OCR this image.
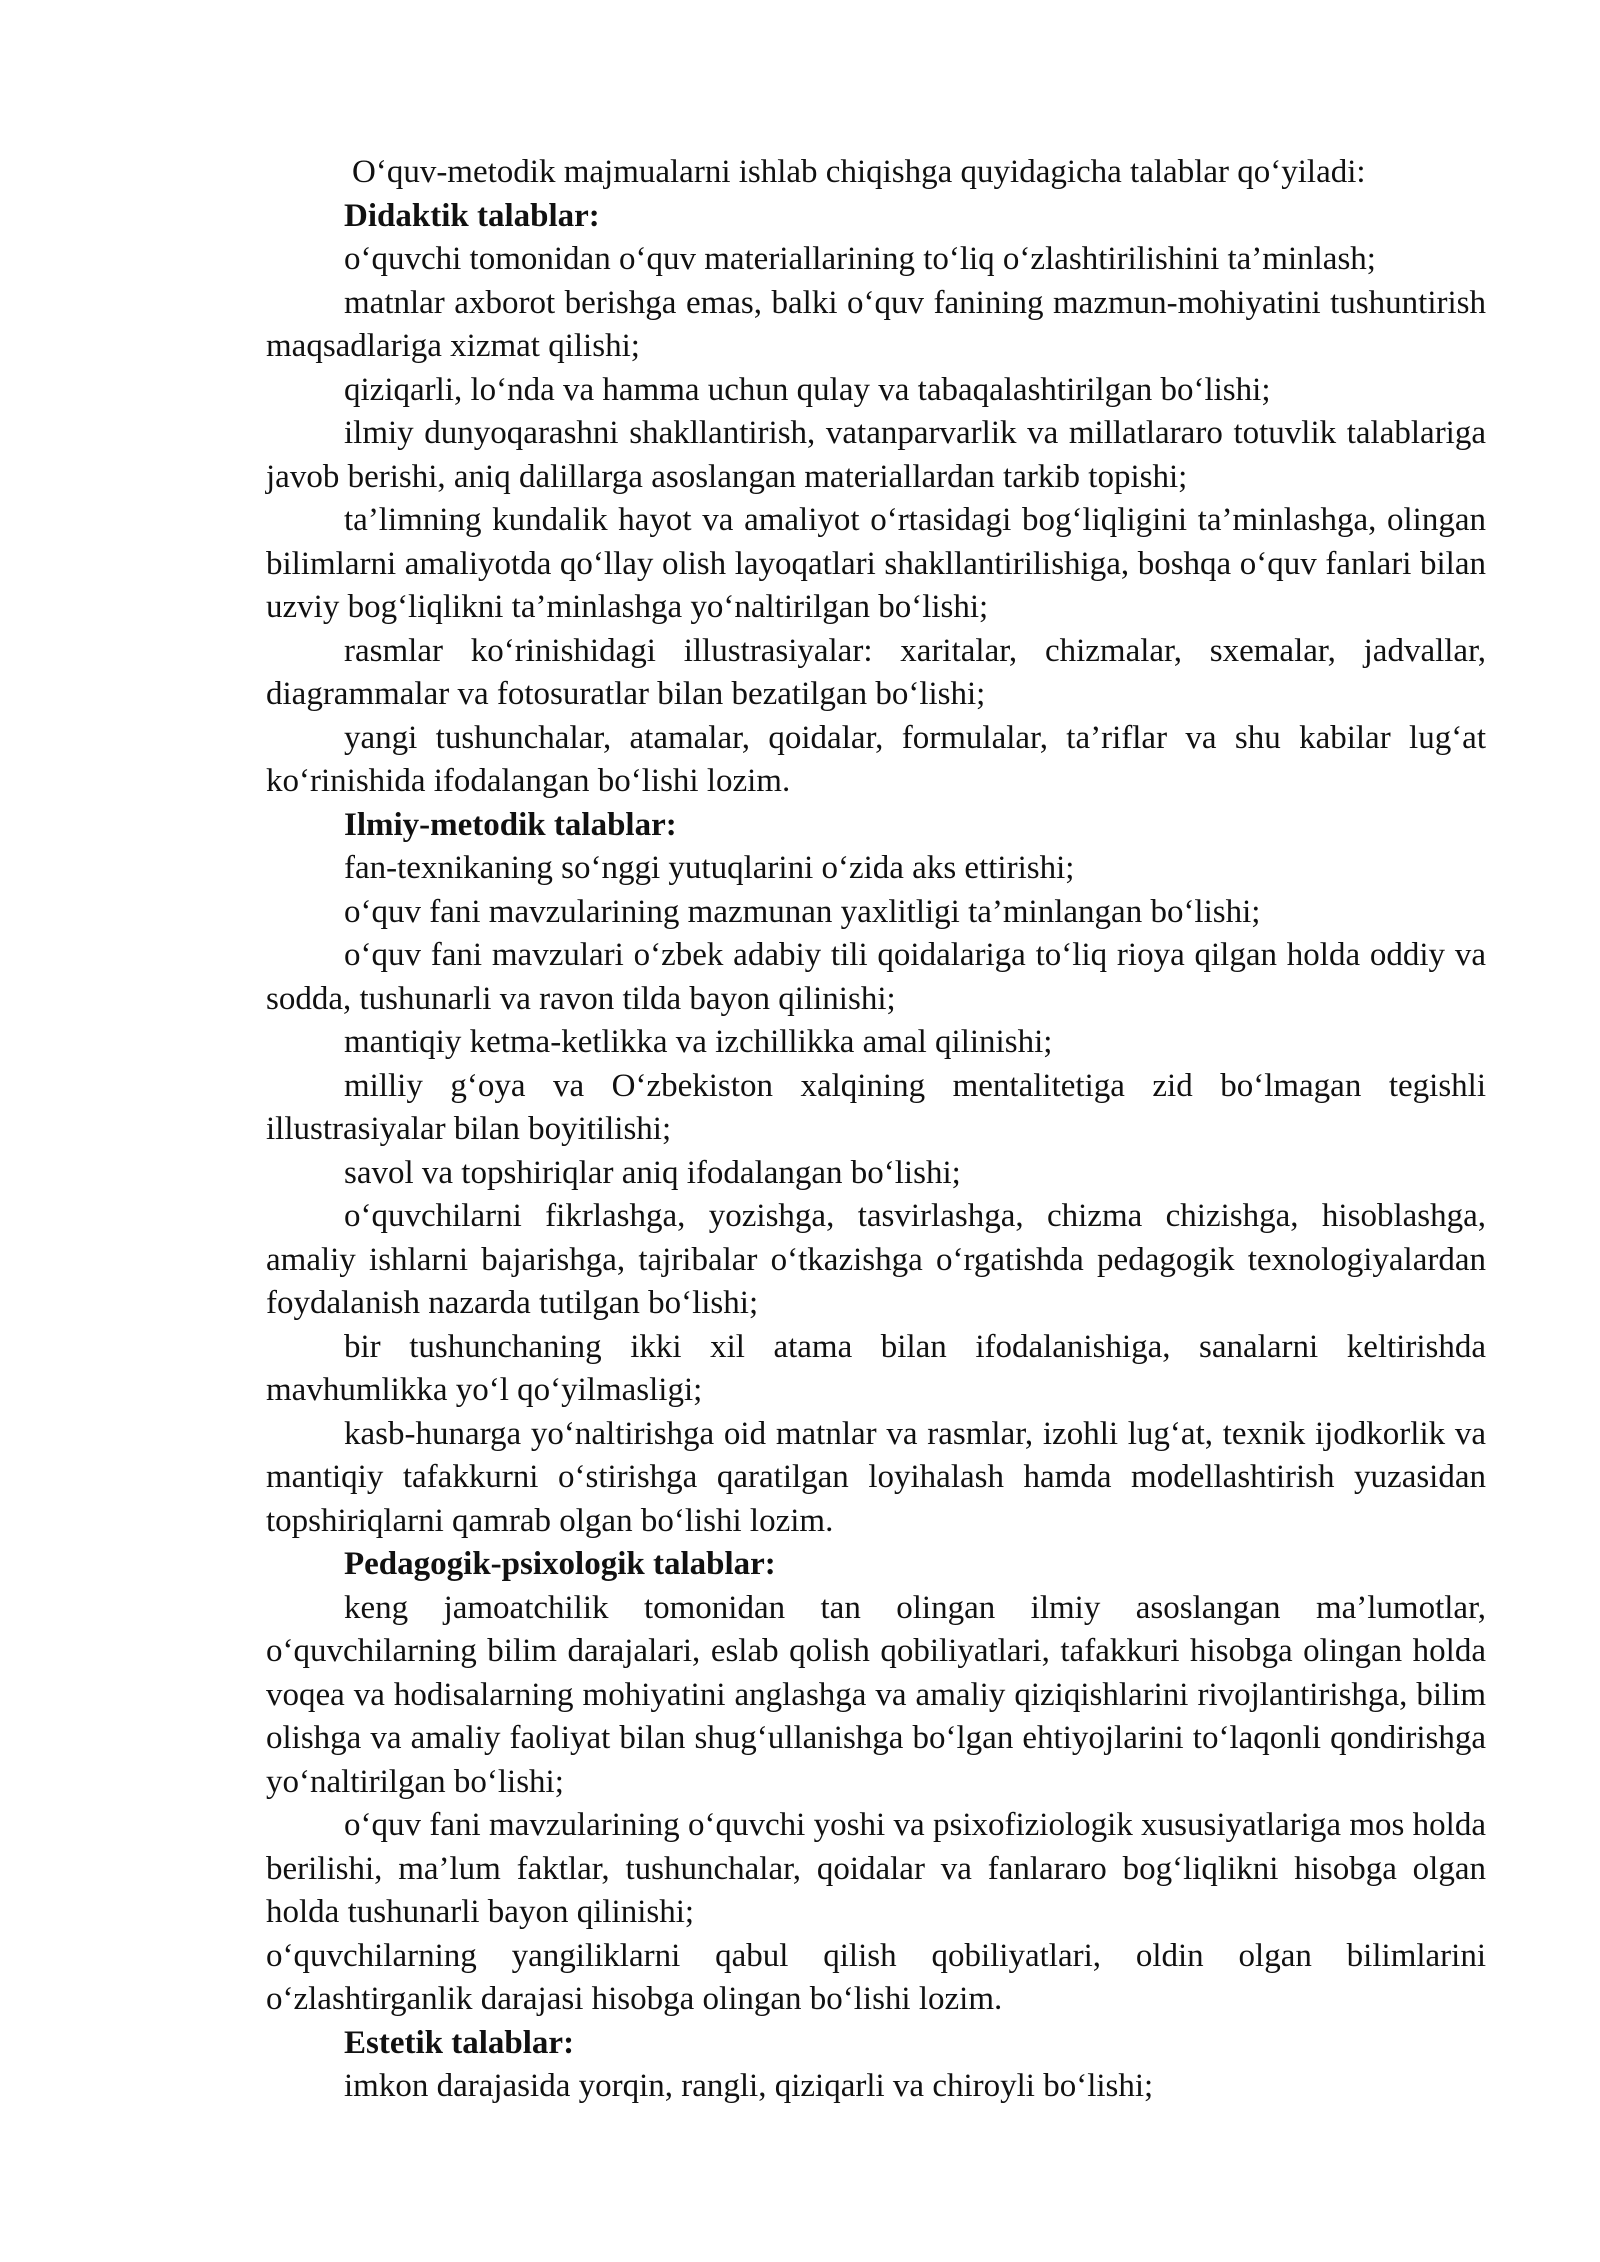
O‘quv-metodik majmualarni ishlab chiqishga quyidagicha talablar qo‘yiladi:

Didaktik talablar:

o‘quvchi tomonidan o‘quv materiallarining to‘liq o‘zlashtirilishini ta’minlash;

matnlar axborot berishga emas, balki o‘quv fanining mazmun-mohiyatini tushuntirish maqsadlariga xizmat qilishi;

qiziqarli, lo‘nda va hamma uchun qulay va tabaqalashtirilgan bo‘lishi;

ilmiy dunyoqarashni shakllantirish, vatanparvarlik va millatlararo totuvlik talablariga javob berishi, aniq dalillarga asoslangan materiallardan tarkib topishi;

ta’limning kundalik hayot va amaliyot o‘rtasidagi bog‘liqligini ta’minlashga, olingan bilimlarni amaliyotda qo‘llay olish layoqatlari shakllantirilishiga, boshqa o‘quv fanlari bilan uzviy bog‘liqlikni ta’minlashga yo‘naltirilgan bo‘lishi;

rasmlar ko‘rinishidagi illustrasiyalar: xaritalar, chizmalar, sxemalar, jadvallar, diagrammalar va fotosuratlar bilan bezatilgan bo‘lishi;

yangi tushunchalar, atamalar, qoidalar, formulalar, ta’riflar va shu kabilar lug‘at ko‘rinishida ifodalangan bo‘lishi lozim.

Ilmiy-metodik talablar:

fan-texnikaning so‘nggi yutuqlarini o‘zida aks ettirishi;

o‘quv fani mavzularining mazmunan yaxlitligi ta’minlangan bo‘lishi;

o‘quv fani mavzulari o‘zbek adabiy tili qoidalariga to‘liq rioya qilgan holda oddiy va sodda, tushunarli va ravon tilda bayon qilinishi;

mantiqiy ketma-ketlikka va izchillikka amal qilinishi;

milliy g‘oya va O‘zbekiston xalqining mentalitetiga zid bo‘lmagan tegishli illustrasiyalar bilan boyitilishi;

savol va topshiriqlar aniq ifodalangan bo‘lishi;

o‘quvchilarni fikrlashga, yozishga, tasvirlashga, chizma chizishga, hisoblashga, amaliy ishlarni bajarishga, tajribalar o‘tkazishga o‘rgatishda pedagogik texnologiyalardan foydalanish nazarda tutilgan bo‘lishi;

bir tushunchaning ikki xil atama bilan ifodalanishiga, sanalarni keltirishda mavhumlikka yo‘l qo‘yilmasligi;

kasb-hunarga yo‘naltirishga oid matnlar va rasmlar, izohli lug‘at, texnik ijodkorlik va mantiqiy tafakkurni o‘stirishga qaratilgan loyihalash hamda modellashtirish yuzasidan topshiriqlarni qamrab olgan bo‘lishi lozim.

Pedagogik-psixologik talablar:

keng jamoatchilik tomonidan tan olingan ilmiy asoslangan ma’lumotlar, o‘quvchilarning bilim darajalari, eslab qolish qobiliyatlari, tafakkuri hisobga olingan holda voqea va hodisalarning mohiyatini anglashga va amaliy qiziqishlarini rivojlantirishga, bilim olishga va amaliy faoliyat bilan shug‘ullanishga bo‘lgan ehtiyojlarini to‘laqonli qondirishga yo‘naltirilgan bo‘lishi;

o‘quv fani mavzularining o‘quvchi yoshi va psixofiziologik xususiyatlariga mos holda berilishi, ma’lum faktlar, tushunchalar, qoidalar va fanlararo bog‘liqlikni hisobga olgan holda tushunarli bayon qilinishi;

o‘quvchilarning yangiliklarni qabul qilish qobiliyatlari, oldin olgan bilimlarini o‘zlashtirganlik darajasi hisobga olingan bo‘lishi lozim.

Estetik talablar:

imkon darajasida yorqin, rangli, qiziqarli va chiroyli bo‘lishi;
